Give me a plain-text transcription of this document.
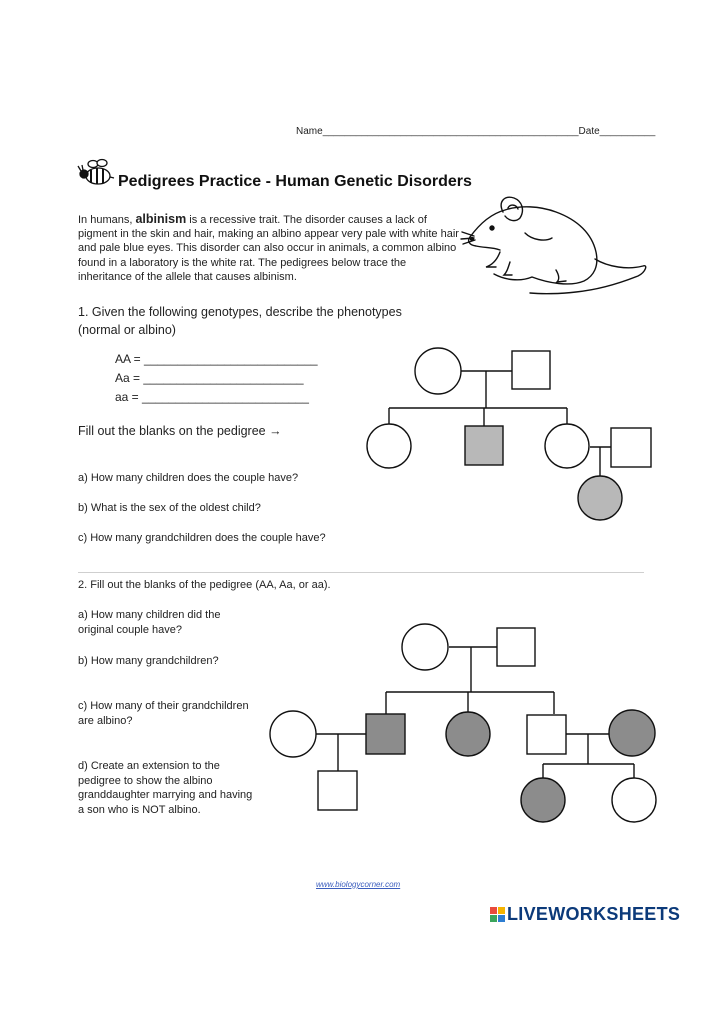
Name______________________________________________Date__________
Pedigrees Practice - Human Genetic Disorders
In humans, albinism is a recessive trait. The disorder causes a lack of pigment in the skin and hair, making an albino appear very pale with white hair and pale blue eyes. This disorder can also occur in animals, a common albino found in a laboratory is the white rat. The pedigrees below trace the inheritance of the allele that causes albinism.
1. Given the following genotypes, describe the phenotypes (normal or albino)
AA = __________________________
Aa = ________________________
aa = _________________________
Fill out the blanks on the pedigree →
a) How many children does the couple have?
b) What is the sex of the oldest child?
c) How many grandchildren does the couple have?
2. Fill out the blanks of the pedigree (AA, Aa, or aa).
a) How many children did the original couple have?
b) How many grandchildren?
c) How many of their grandchildren are albino?
d) Create an extension to the pedigree to show the albino granddaughter marrying and having a son who is NOT albino.
www.biologycorner.com
LIVEWORKSHEETS
